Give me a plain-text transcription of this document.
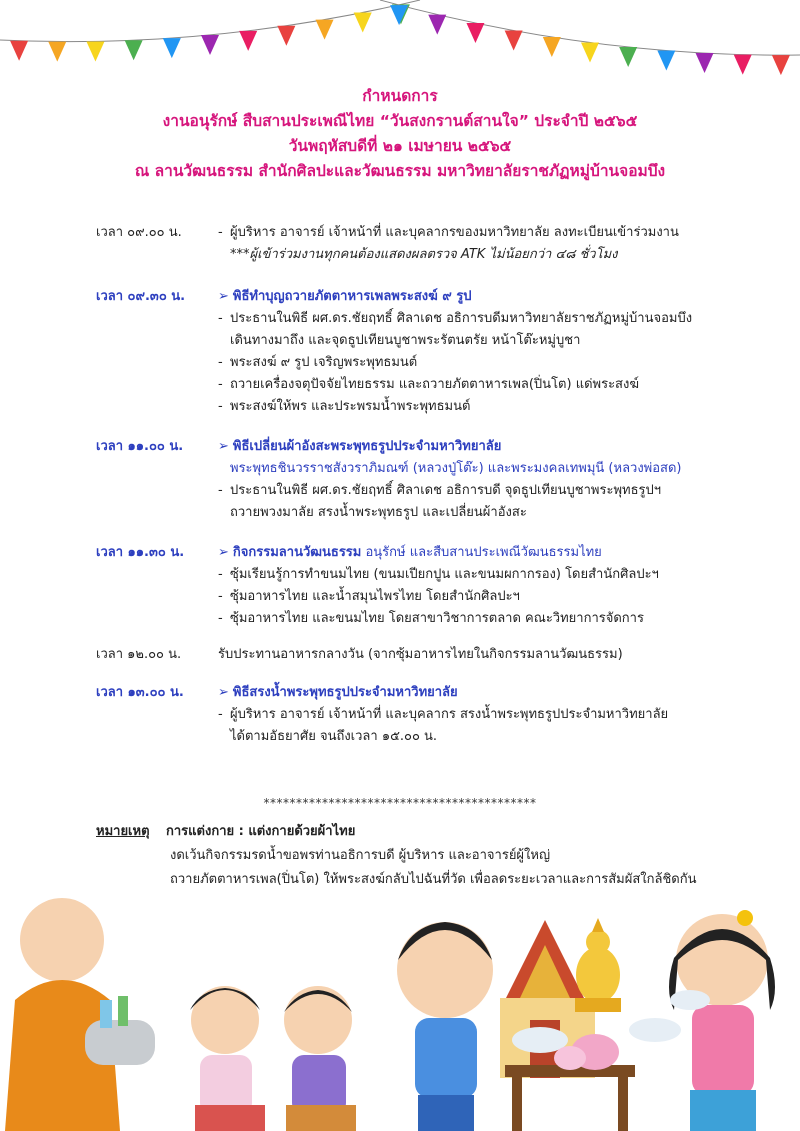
กำหนดการ
งานอนุรักษ์ สืบสานประเพณีไทย “วันสงกรานต์สานใจ” ประจำปี ๒๕๖๕
วันพฤหัสบดีที่ ๒๑ เมษายน ๒๕๖๕
ณ ลานวัฒนธรรม สำนักศิลปะและวัฒนธรรม มหาวิทยาลัยราชภัฏหมู่บ้านจอมบึง
เวลา ๐๙.๐๐ น.
-	ผู้บริหาร อาจารย์ เจ้าหน้าที่ และบุคลากรของมหาวิทยาลัย ลงทะเบียนเข้าร่วมงาน
***ผู้เข้าร่วมงานทุกคนต้องแสดงผลตรวจ ATK ไม่น้อยกว่า ๔๘ ชั่วโมง
เวลา ๐๙.๓๐ น.	➢ พิธีทำบุญถวายภัตตาหารเพลพระสงฆ์ ๙ รูป
- ประธานในพิธี ผศ.ดร.ชัยฤทธิ์ ศิลาเดช อธิการบดีมหาวิทยาลัยราชภัฏหมู่บ้านจอมบึง
เดินทางมาถึง และจุดธูปเทียนบูชาพระรัตนตรัย หน้าโต๊ะหมู่บูชา
- พระสงฆ์ ๙ รูป เจริญพระพุทธมนต์
- ถวายเครื่องจตุปัจจัยไทยธรรม และถวายภัตตาหารเพล(ปิ่นโต) แด่พระสงฆ์
- พระสงฆ์ให้พร และประพรมน้ำพระพุทธมนต์
เวลา ๑๑.๐๐ น.	➢ พิธีเปลี่ยนผ้าอังสะพระพุทธรูปประจำมหาวิทยาลัย
พระพุทธชินวรราชสังวราภิมณฑ์ (หลวงปู่โต๊ะ) และพระมงคลเทพมุนี (หลวงพ่อสด)
- ประธานในพิธี ผศ.ดร.ชัยฤทธิ์ ศิลาเดช อธิการบดี จุดธูปเทียนบูชาพระพุทธรูปฯ
ถวายพวงมาลัย สรงน้ำพระพุทธรูป และเปลี่ยนผ้าอังสะ
เวลา ๑๑.๓๐ น.	➢ กิจกรรมลานวัฒนธรรม อนุรักษ์ และสืบสานประเพณีวัฒนธรรมไทย
- ซุ้มเรียนรู้การทำขนมไทย (ขนมเปียกปูน และขนมผกากรอง) โดยสำนักศิลปะฯ
- ซุ้มอาหารไทย และน้ำสมุนไพรไทย โดยสำนักศิลปะฯ
- ซุ้มอาหารไทย และขนมไทย โดยสาขาวิชาการตลาด คณะวิทยาการจัดการ
เวลา ๑๒.๐๐ น.	รับประทานอาหารกลางวัน (จากซุ้มอาหารไทยในกิจกรรมลานวัฒนธรรม)
เวลา ๑๓.๐๐ น.	➢ พิธีสรงน้ำพระพุทธรูปประจำมหาวิทยาลัย
- ผู้บริหาร อาจารย์ เจ้าหน้าที่ และบุคลากร สรงน้ำพระพุทธรูปประจำมหาวิทยาลัย
ได้ตามอัธยาศัย จนถึงเวลา ๑๕.๐๐ น.
******************************************
หมายเหตุ การแต่งกาย : แต่งกายด้วยผ้าไทย
งดเว้นกิจกรรมรดน้ำขอพรท่านอธิการบดี ผู้บริหาร และอาจารย์ผู้ใหญ่
ถวายภัตตาหารเพล(ปิ่นโต) ให้พระสงฆ์กลับไปฉันที่วัด เพื่อลดระยะเวลาและการสัมผัสใกล้ชิดกัน
